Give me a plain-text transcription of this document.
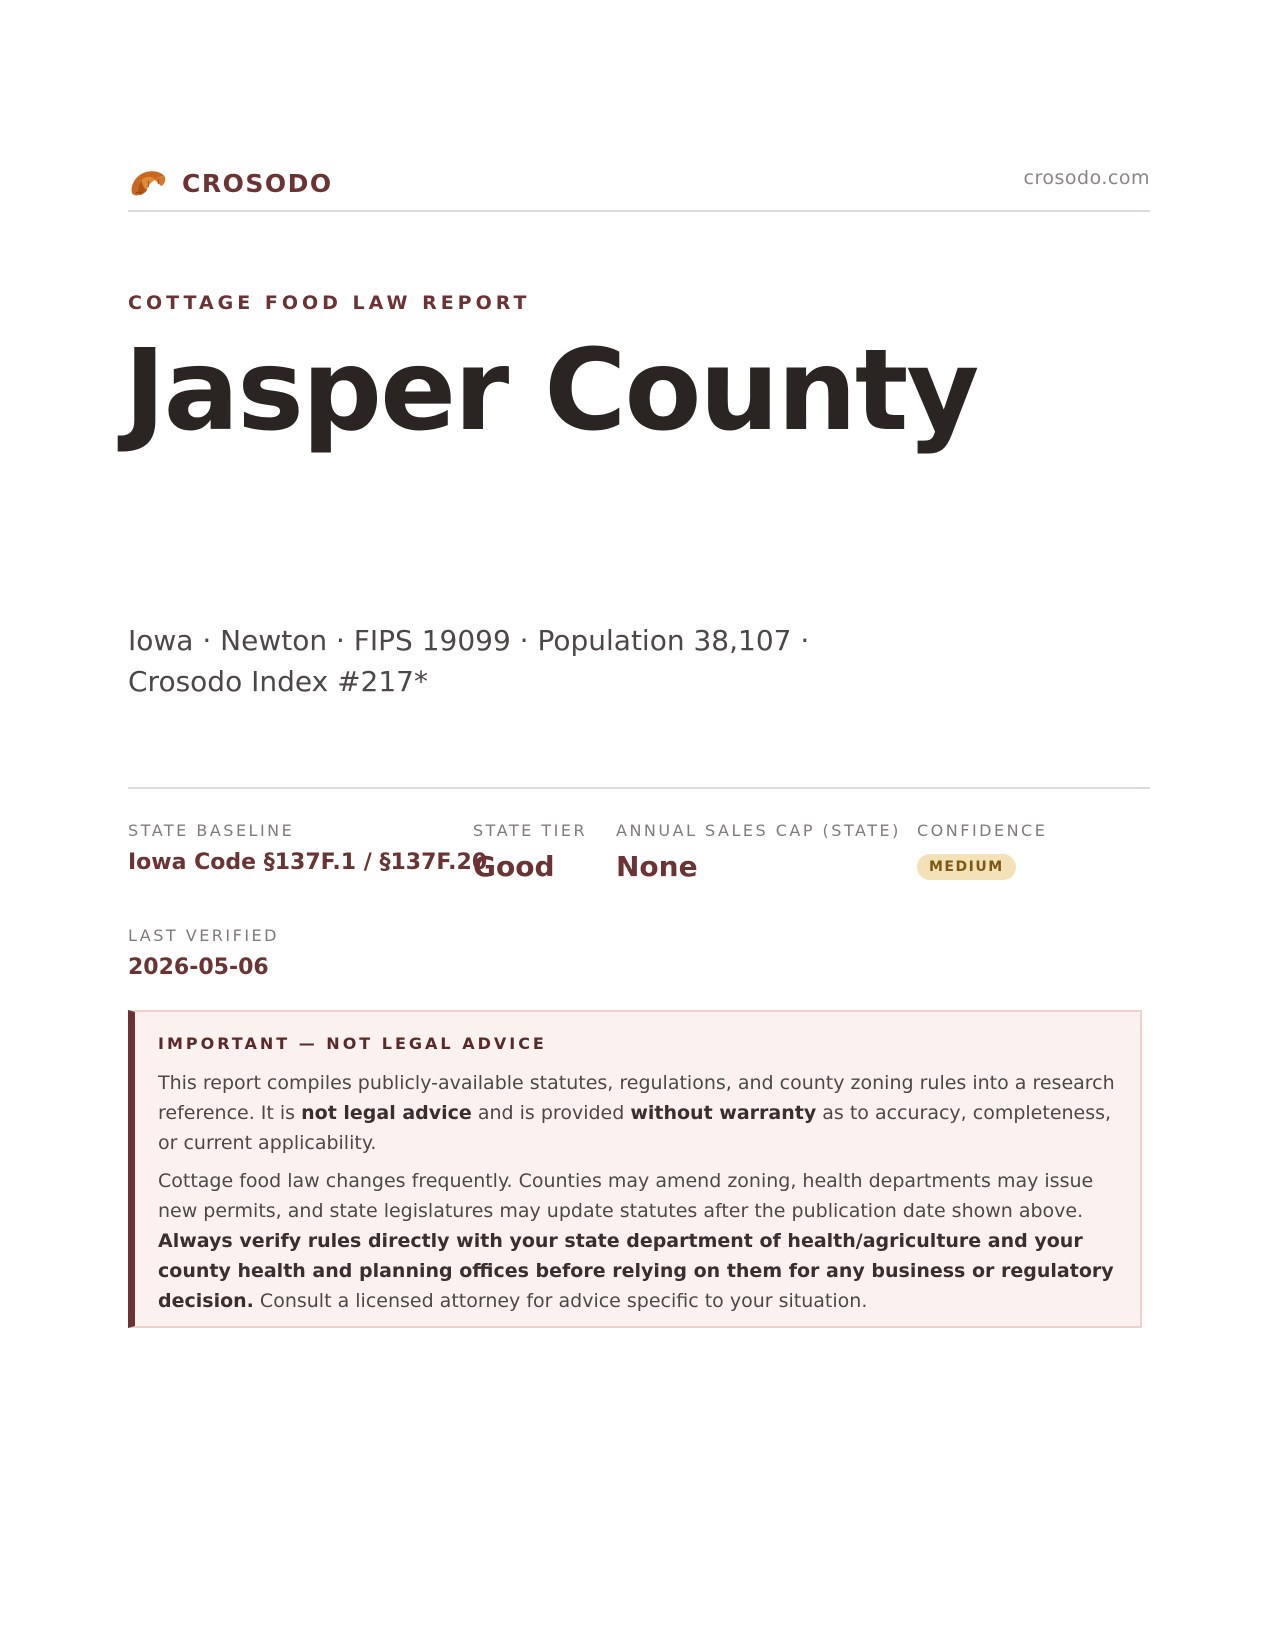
CROSODO	crosodo.com
COTTAGE FOOD LAW REPORT
Jasper County
Iowa · Newton · FIPS 19099 · Population 38,107 · Crosodo Index #217*
STATE BASELINE
Iowa Code §137F.1 / §137F.20
STATE TIER
Good
ANNUAL SALES CAP (STATE)
None
CONFIDENCE
MEDIUM
LAST VERIFIED
2026-05-06
IMPORTANT — NOT LEGAL ADVICE

This report compiles publicly-available statutes, regulations, and county zoning rules into a research reference. It is not legal advice and is provided without warranty as to accuracy, completeness, or current applicability.

Cottage food law changes frequently. Counties may amend zoning, health departments may issue new permits, and state legislatures may update statutes after the publication date shown above. Always verify rules directly with your state department of health/agriculture and your county health and planning offices before relying on them for any business or regulatory decision. Consult a licensed attorney for advice specific to your situation.
